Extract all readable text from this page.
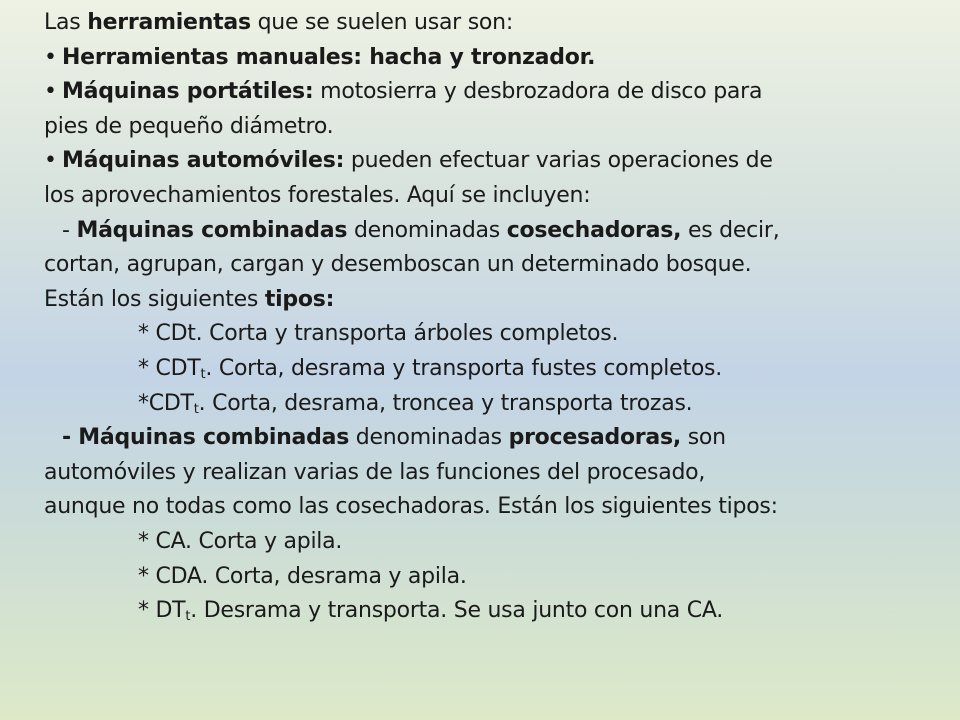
Las herramientas que se suelen usar son:
• Herramientas manuales: hacha y tronzador.
• Máquinas portátiles: motosierra y desbrozadora de disco para
pies de pequeño diámetro.
• Máquinas automóviles: pueden efectuar varias operaciones de
los aprovechamientos forestales. Aquí se incluyen:
- Máquinas combinadas denominadas cosechadoras, es decir,
cortan, agrupan, cargan y desemboscan un determinado bosque.
Están los siguientes tipos:
* CDt. Corta y transporta árboles completos.
* $CDT_t$. Corta, desrama y transporta fustes completos.
$*CDT_t$. Corta, desrama, troncea y transporta trozas.
- Máquinas combinadas denominadas procesadoras, son
automóviles y realizan varias de las funciones del procesado,
aunque no todas como las cosechadoras. Están los siguientes tipos:
* CA. Corta y apila.
* CDA. Corta, desrama y apila.
* $DT_t$. Desrama y transporta. Se usa junto con una CA.
